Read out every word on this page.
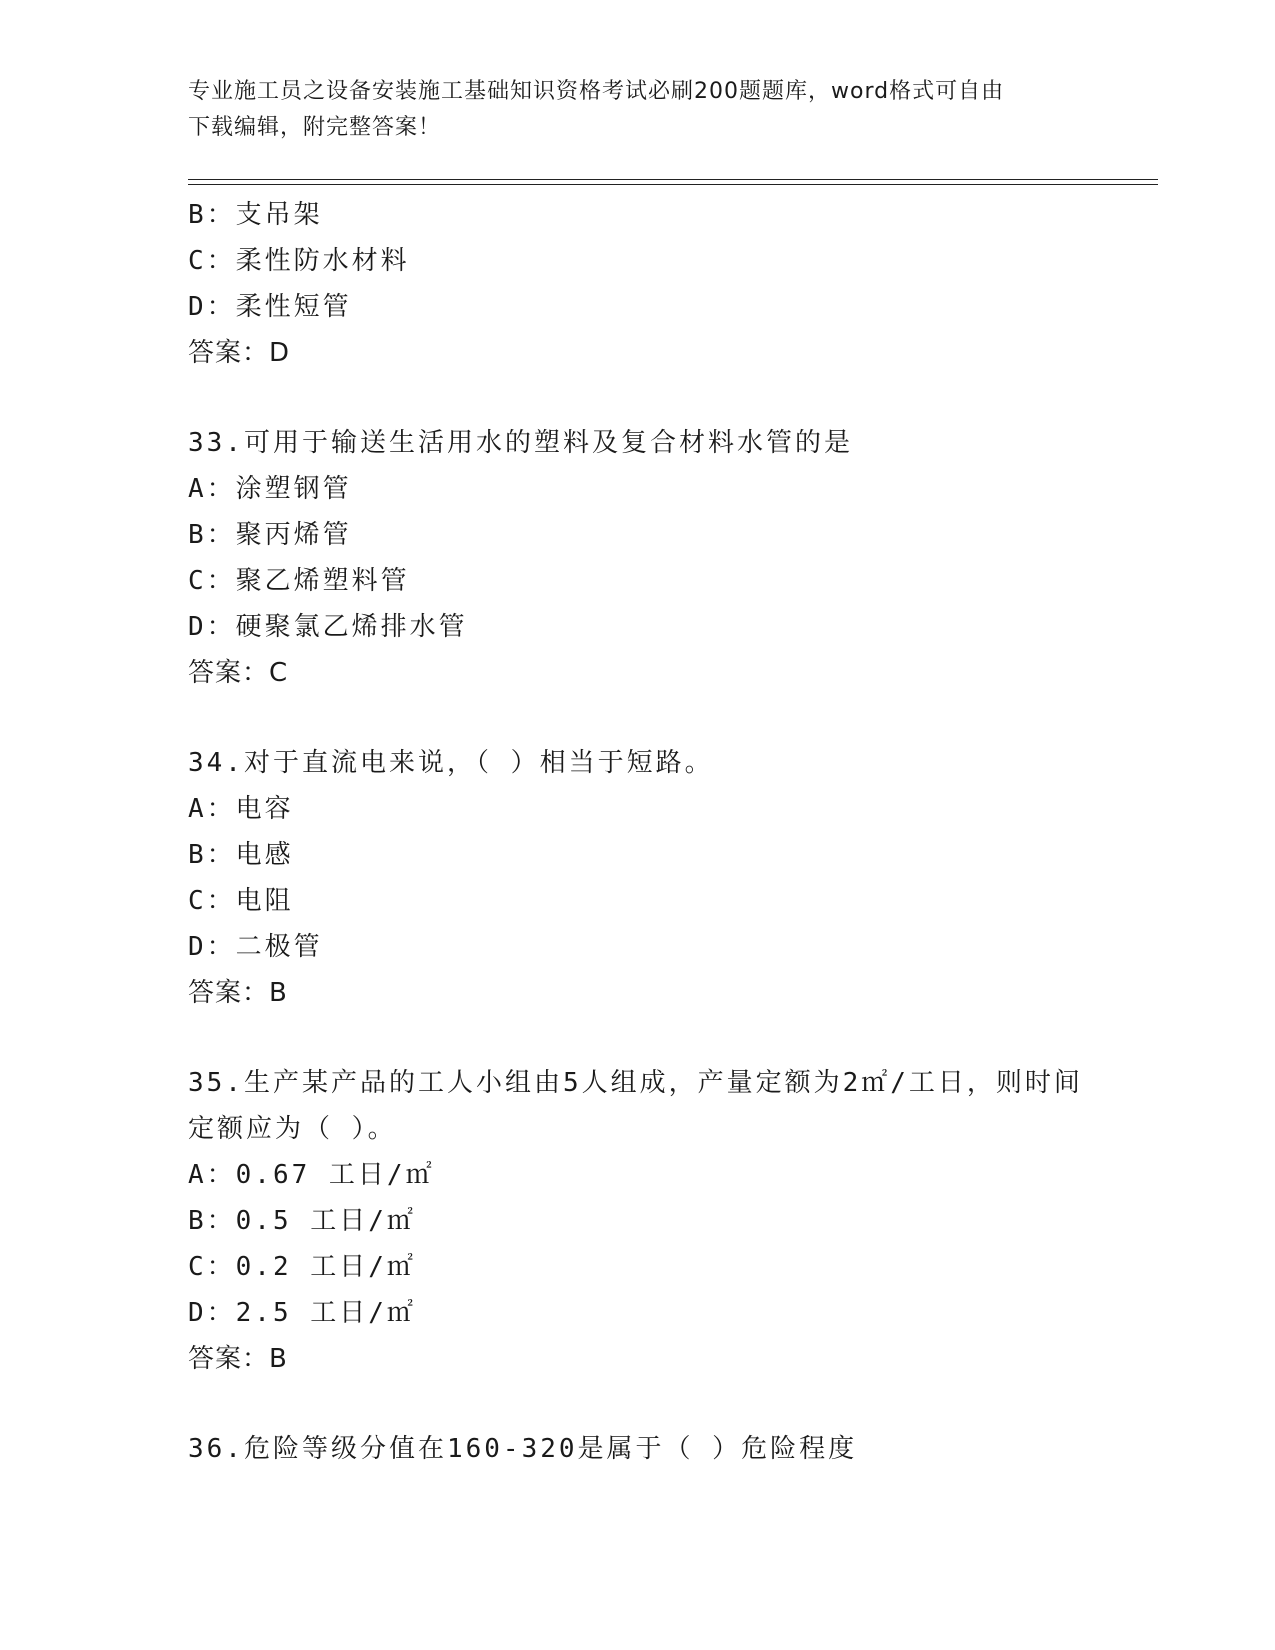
专业施工员之设备安装施工基础知识资格考试必刷200题题库，word格式可自由
下载编辑，附完整答案！
B：支吊架
C：柔性防水材料
D：柔性短管
答案：D
33.可用于输送生活用水的塑料及复合材料水管的是
A：涂塑钢管
B：聚丙烯管
C：聚乙烯塑料管
D：硬聚氯乙烯排水管
答案：C
34.对于直流电来说，（ ）相当于短路。
A：电容
B：电感
C：电阻
D：二极管
答案：B
35.生产某产品的工人小组由5人组成，产量定额为2㎡/工日，则时间
定额应为（ ）。
A：0.67 工日/㎡
B：0.5 工日/㎡
C：0.2 工日/㎡
D：2.5 工日/㎡
答案：B
36.危险等级分值在160-320是属于（ ）危险程度
